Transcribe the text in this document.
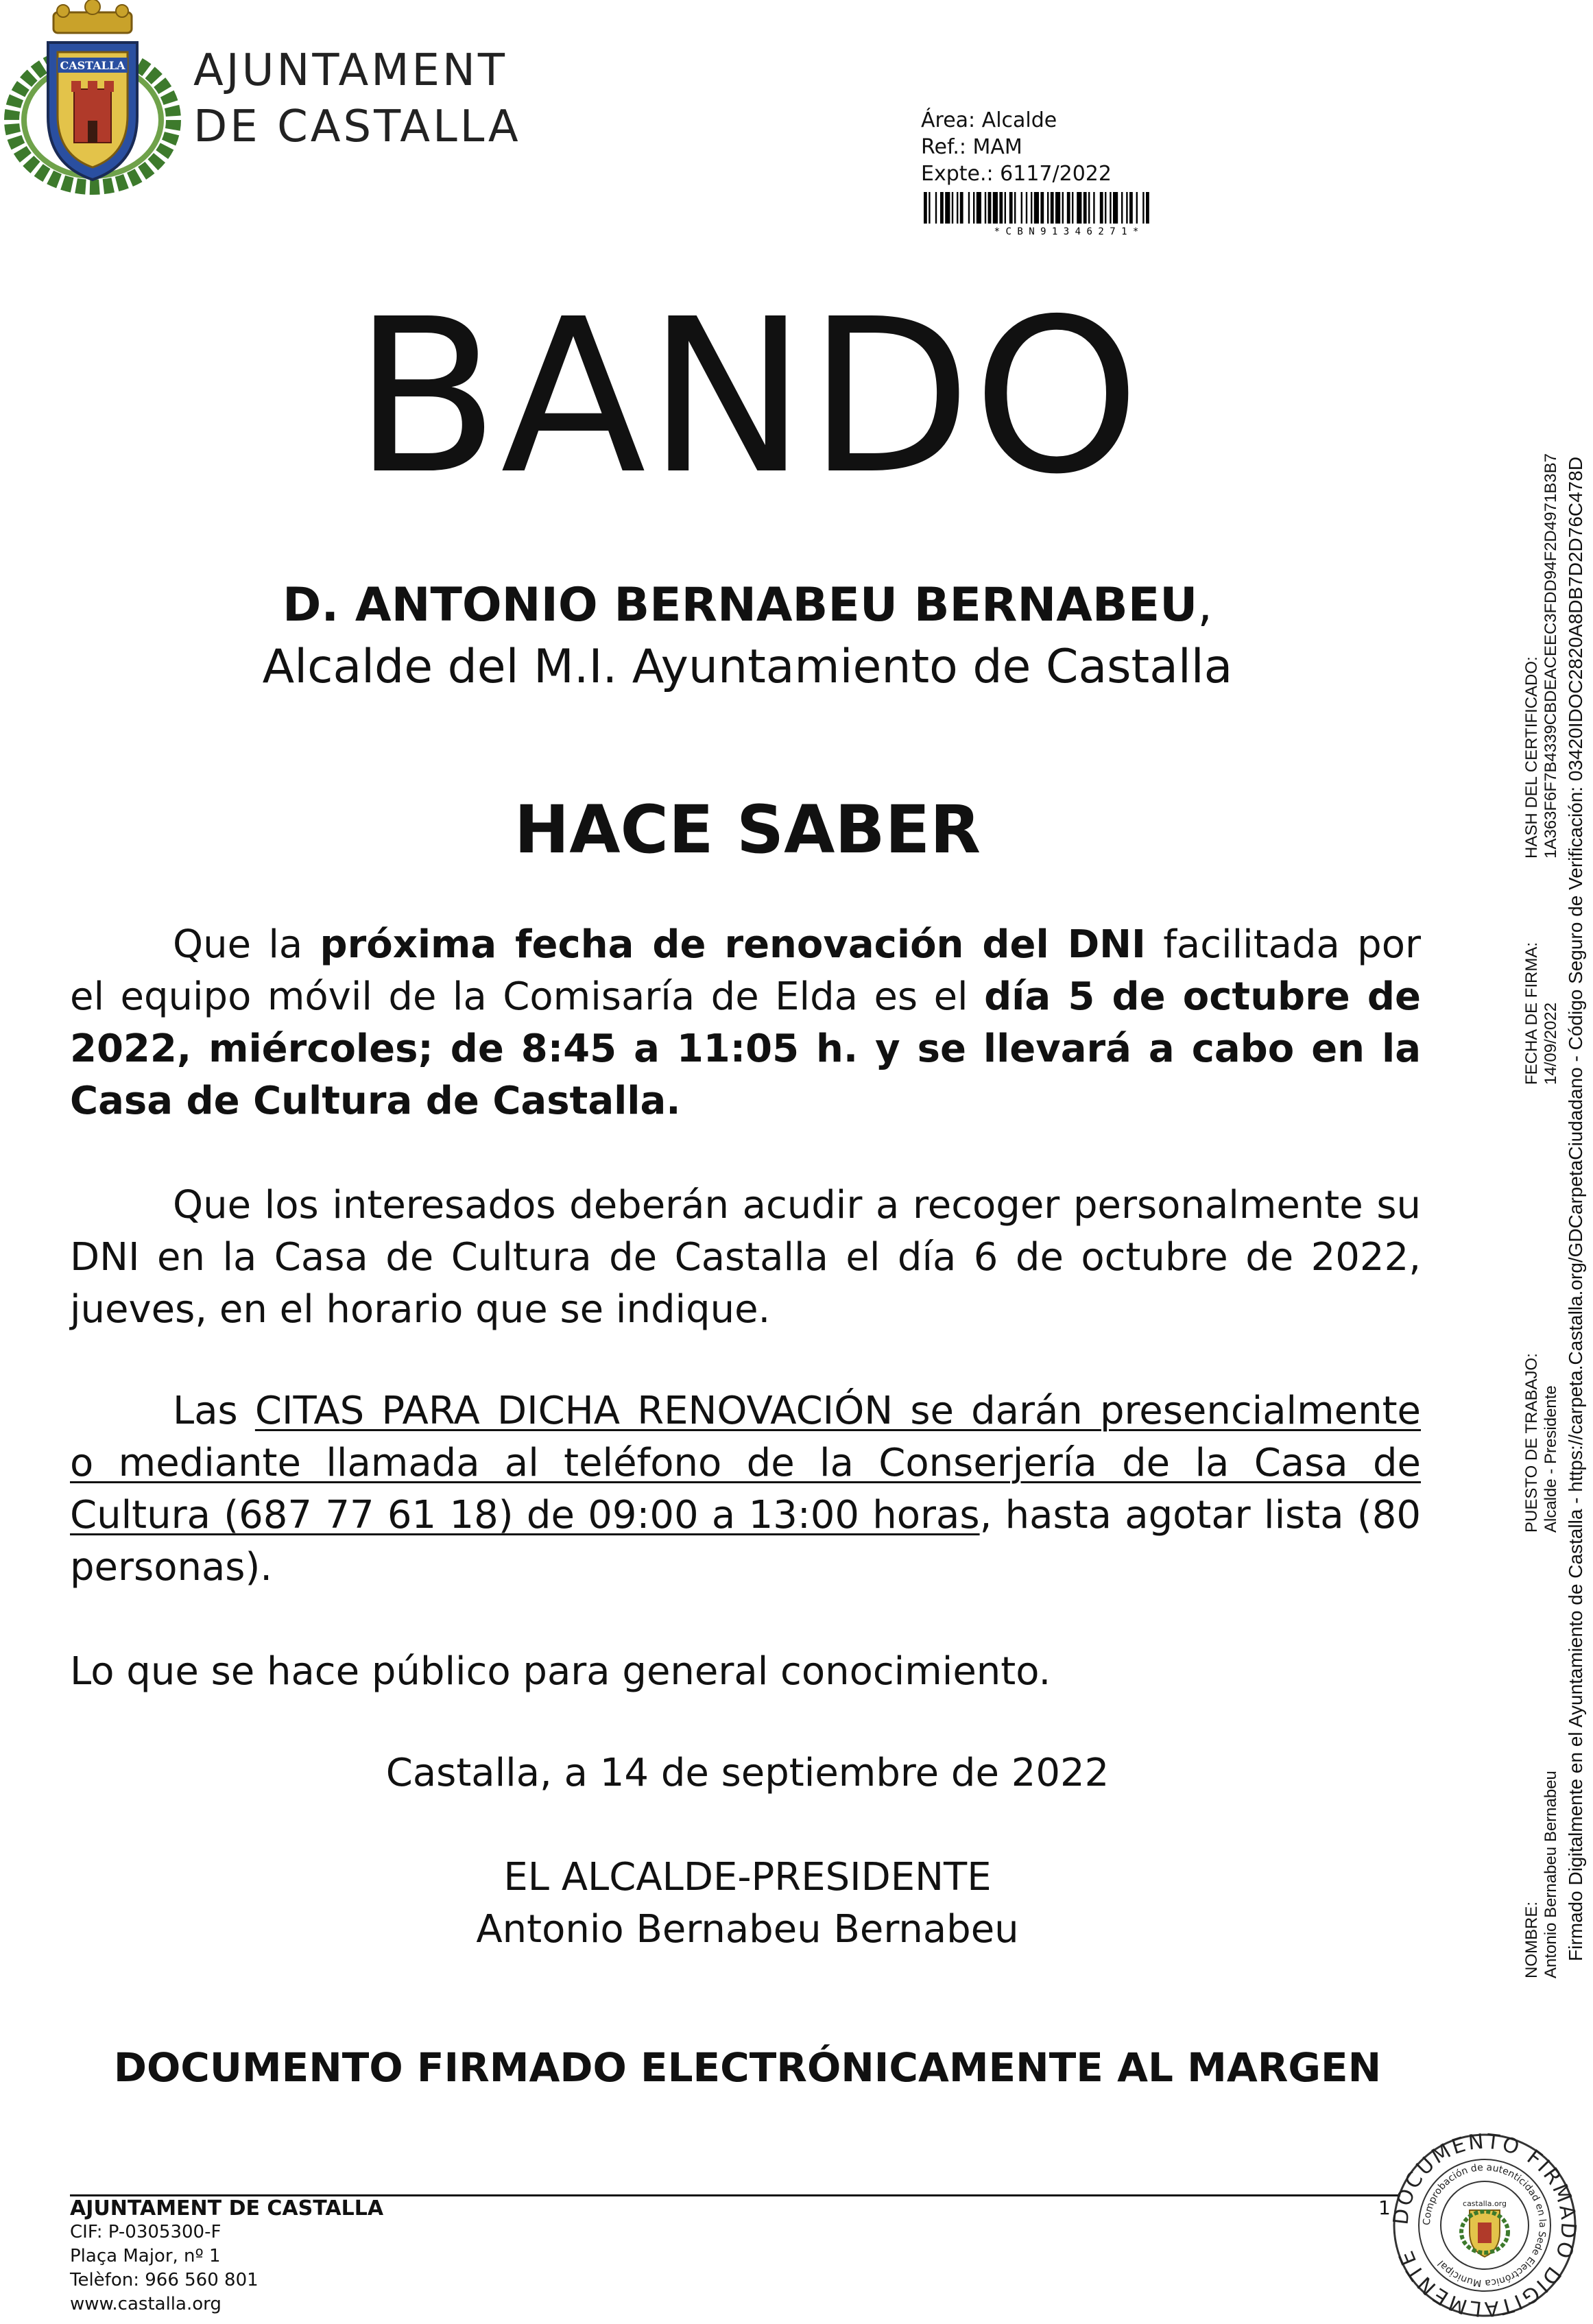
CASTALLA AJUNTAMENT
DE CASTALLA	Área: Alcalde
Ref.: MAM
Expte.: 6117/2022
* C B N 9 1 3 4 6 2 7 1 *
BANDO
D. ANTONIO BERNABEU BERNABEU,
Alcalde del M.I. Ayuntamiento de Castalla
HACE SABER
Que la próxima fecha de renovación del DNI facilitada por el equipo móvil de la Comisaría de Elda es el día 5 de octubre de 2022, miércoles; de 8:45 a 11:05 h. y se llevará a cabo en la Casa de Cultura de Castalla.
Que los interesados deberán acudir a recoger personalmente su DNI en la Casa de Cultura de Castalla el día 6 de octubre de 2022, jueves, en el horario que se indique.
Las CITAS PARA DICHA RENOVACIÓN se darán presencialmente o mediante llamada al teléfono de la Conserjería de la Casa de Cultura (687 77 61 18) de 09:00 a 13:00 horas, hasta agotar lista (80 personas).
Lo que se hace público para general conocimiento.
Castalla, a 14 de septiembre de 2022
EL ALCALDE-PRESIDENTE
Antonio Bernabeu Bernabeu
DOCUMENTO FIRMADO ELECTRÓNICAMENTE AL MARGEN
AJUNTAMENT DE CASTALLA
CIF: P-0305300-F
Plaça Major, nº 1
Telèfon: 966 560 801
www.castalla.org
1
DOCUMENTO FIRMADO DIGITALMENTE
Comprobación de autenticidad en la Sede Electrónica Municipal
castalla.org
NOMBRE: Antonio Bernabeu Bernabeu
PUESTO DE TRABAJO: Alcalde - Presidente
FECHA DE FIRMA: 14/09/2022
HASH DEL CERTIFICADO: 1A363F6F7B4339CBDEACEEC3FDD94F2D4971B3B7 Firmado Digitalmente en el Ayuntamiento de Castalla - https://carpeta.Castalla.org/GDCarpetaCiudadano - Código Seguro de Verificación: 03420IDOC2820A8DB7D2D76C478D
